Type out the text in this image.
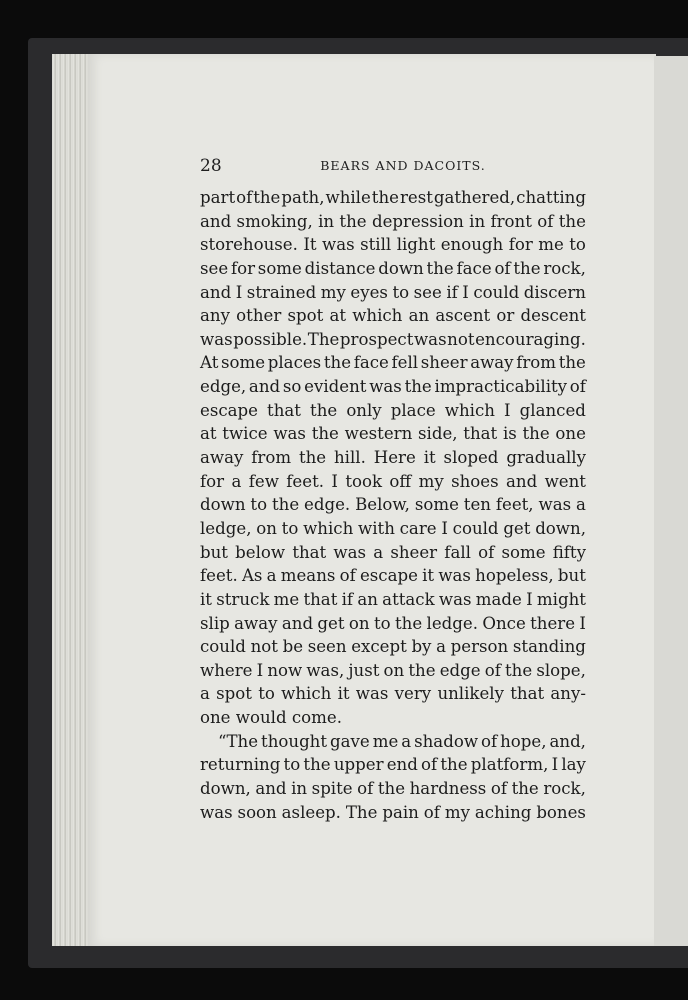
28	BEARS AND DACOITS.
part of the path, while the rest gathered, chatting
and smoking, in the depression in front of the
storehouse. It was still light enough for me to
see for some distance down the face of the rock,
and I strained my eyes to see if I could discern
any other spot at which an ascent or descent
was possible. The prospect was not encouraging.
At some places the face fell sheer away from the
edge, and so evident was the impracticability of
escape that the only place which I glanced
at twice was the western side, that is the one
away from the hill. Here it sloped gradually
for a few feet. I took off my shoes and went
down to the edge. Below, some ten feet, was a
ledge, on to which with care I could get down,
but below that was a sheer fall of some fifty
feet. As a means of escape it was hopeless, but
it struck me that if an attack was made I might
slip away and get on to the ledge. Once there I
could not be seen except by a person standing
where I now was, just on the edge of the slope,
a spot to which it was very unlikely that any-
one would come.
“The thought gave me a shadow of hope, and,
returning to the upper end of the platform, I lay
down, and in spite of the hardness of the rock,
was soon asleep. The pain of my aching bones
